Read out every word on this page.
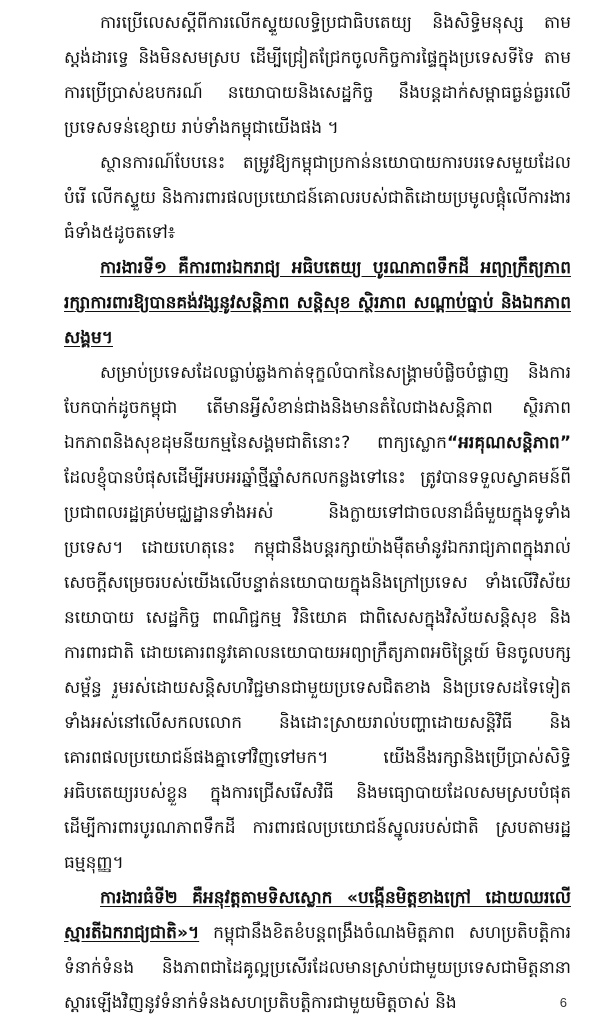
ការប្រើលេសស្តីពីការលើកស្ទួយលទ្ធិប្រជាធិបតេយ្យ និងសិទ្ធិមនុស្ស តាមស្តង់ដារទ្វេ និងមិនសមស្រប ដើម្បីជ្រៀតជ្រែកចូលកិច្ចការផ្ទៃក្នុងប្រទេសទីទៃ តាមការប្រើប្រាស់ឧបករណ៍ នយោបាយនិងសេដ្ឋកិច្ច នឹងបន្តដាក់សម្ពាធធ្ងន់ធ្ងរលើប្រទេសទន់ខ្សោយ រាប់ទាំងកម្ពុជាយើងផង ។

ស្ថានការណ៍បែបនេះ តម្រូវឱ្យកម្ពុជាប្រកាន់នយោបាយការបរទេសមួយដែលបំរើ លើកស្ទួយ និងការពារផលប្រយោជន៍គោលរបស់ជាតិដោយប្រមូលផ្តុំលើការងារធំទាំង៥ដូចតទៅ៖

ការងារទី១ គឺការពារឯករាជ្យ អធិបតេយ្យ បូរណភាពទឹកដី អព្យាក្រឹត្យភាព រក្សាការពារឱ្យបានគង់វង្សនូវសន្តិភាព សន្តិសុខ ស្ថិរភាព សណ្តាប់ធ្នាប់ និងឯកភាពសង្គម។

សម្រាប់ប្រទេសដែលធ្លាប់ឆ្លងកាត់ទុក្ខលំបាកនៃសង្គ្រាមបំផ្លិចបំផ្លាញ និងការបែកបាក់ដូចកម្ពុជា តើមានអ្វីសំខាន់ជាងនិងមានតំលៃជាងសន្តិភាព ស្ថិរភាព ឯកភាពនិងសុខដុមនីយកម្មនៃសង្គមជាតិនោះ? ពាក្យស្លោក“អរគុណសន្តិភាព” ដែលខ្ញុំបានបំផុសដើម្បីអបអរឆ្នាំថ្មីឆ្នាំសកលកន្លងទៅនេះ ត្រូវបានទទួលស្វាគមន៍ពីប្រជាពលរដ្ឋគ្រប់មជ្ឈដ្ឋានទាំងអស់ និងក្លាយទៅជាចលនាដ៏ធំមួយក្នុងទូទាំងប្រទេស។ ដោយហេតុនេះ កម្ពុជានឹងបន្តរក្សាយ៉ាងម៉ឺតមាំនូវឯករាជ្យភាពក្នុងរាល់សេចក្តីសម្រេចរបស់យើងលើបន្ទាត់នយោបាយក្នុងនិងក្រៅប្រទេស ទាំងលើវិស័យនយោបាយ សេដ្ឋកិច្ច ពាណិជ្ជកម្ម វិនិយោគ ជាពិសេសក្នុងវិស័យសន្តិសុខ និងការពារជាតិ ដោយគោរពនូវគោលនយោបាយអព្យាក្រឹត្យភាពអចិន្ត្រៃយ៍ មិនចូលបក្សសម្ព័ន្ធ រួមរស់ដោយសន្តិសហវិជ្ជមានជាមួយប្រទេសជិតខាង និងប្រទេសដទៃទៀតទាំងអស់នៅលើសកលលោក និងដោះស្រាយរាល់បញ្ហាដោយសន្តិវិធី និងគោរពផលប្រយោជន៍ផងគ្នាទៅវិញទៅមក។ យើងនឹងរក្សានិងប្រើប្រាស់សិទ្ធិអធិបតេយ្យរបស់ខ្លួន ក្នុងការជ្រើសរើសវិធី និងមធ្យោបាយដែលសមស្របបំផុត ដើម្បីការពារបូរណភាពទឹកដី ការពារផលប្រយោជន៍ស្នូលរបស់ជាតិ ស្របតាមរដ្ឋធម្មនុញ្ញ។

ការងារធំទី២ គឺអនុវត្តតាមទិសស្លោក «បង្កើនមិត្តខាងក្រៅ ដោយឈរលើស្មារតីឯករាជ្យជាតិ»។ កម្ពុជានឹងខិតខំបន្តពង្រឹងចំណងមិត្តភាព សហប្រតិបត្តិការ ទំនាក់ទំនង និងភាពជាដៃគូល្អប្រសើរដែលមានស្រាប់ជាមួយប្រទេសជាមិត្តនានា ស្តារឡើងវិញនូវទំនាក់ទំនងសហប្រតិបត្តិការជាមួយមិត្តចាស់ និង	6
